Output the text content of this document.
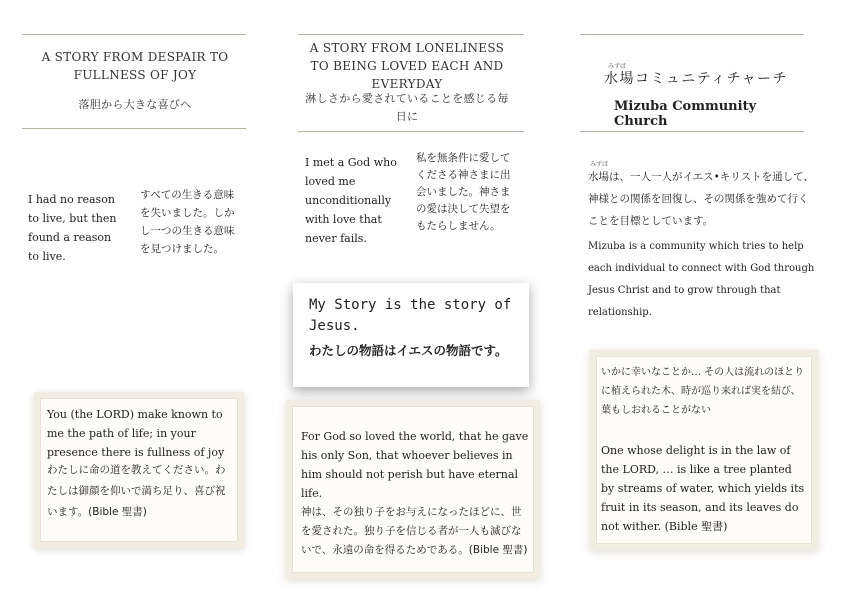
A STORY FROM DESPAIR TO FULLNESS OF JOY
落胆から大きな喜びへ
I had no reason to live, but then found a reason to live.
すべての生きる意味を失いました。しかし一つの生きる意味を見つけました。
You (the LORD) make known to me the path of life; in your presence there is fullness of joy
わたしに命の道を教えてください。わたしは御顔を仰いで満ち足り、喜び祝います。(Bible 聖書)
A STORY FROM LONELINESS TO BEING LOVED EACH AND EVERYDAY
淋しさから愛されていることを感じる毎日に
I met a God who loved me unconditionally with love that never fails.
私を無条件に愛してくださる神さまに出会いました。神さまの愛は決して失望をもたらしません。
My Story is the story of Jesus.
わたしの物語はイエスの物語です。
For God so loved the world, that he gave his only Son, that whoever believes in him should not perish but have eternal life.
神は、その独り子をお与えになったほどに、世を愛された。独り子を信じる者が一人も滅びないで、永遠の命を得るためである。(Bible 聖書)
みずば
水場コミュニティチャーチ
Mizuba Community Church
みずば
水場は、一人一人がイエス•キリストを通して、神様との関係を回復し、その関係を強めて行くことを目標としています。
Mizuba is a community which tries to help each individual to connect with God through Jesus Christ and to grow through that relationship.
いかに幸いなことか… その人は流れのほとりに植えられた木、時が巡り来れば実を結び、葉もしおれることがない
One whose delight is in the law of the LORD, … is like a tree planted by streams of water, which yields its fruit in its season, and its leaves do not wither. (Bible 聖書)
